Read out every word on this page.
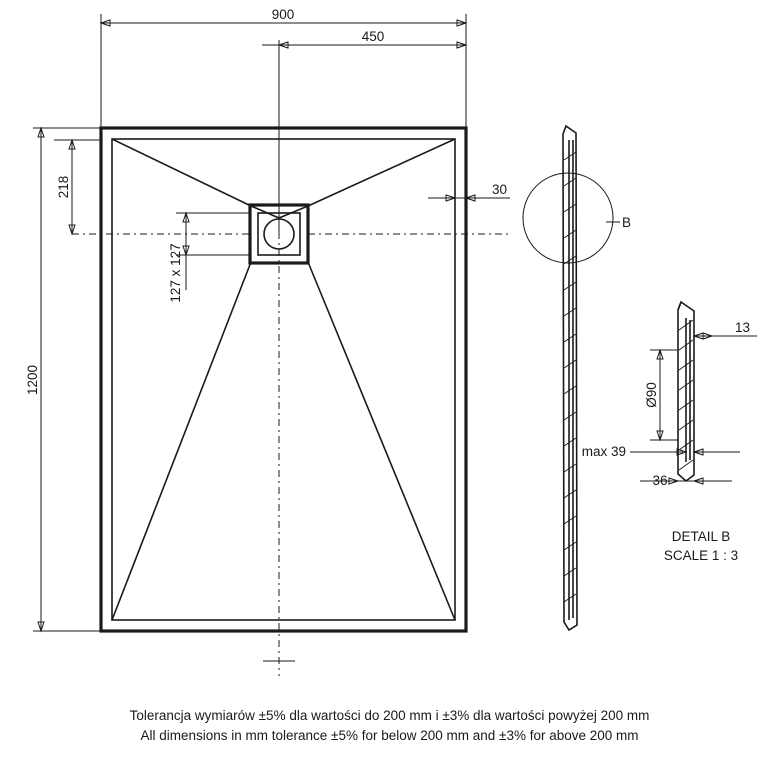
900
450
1200
218	30
127 x 127
B
13
Ø90
max 39
36
DETAIL B
SCALE 1 : 3
Tolerancja wymiarów ±5% dla wartości do 200 mm i ±3% dla wartości powyżej 200 mm
All dimensions in mm tolerance ±5% for below 200 mm and ±3% for above 200 mm
